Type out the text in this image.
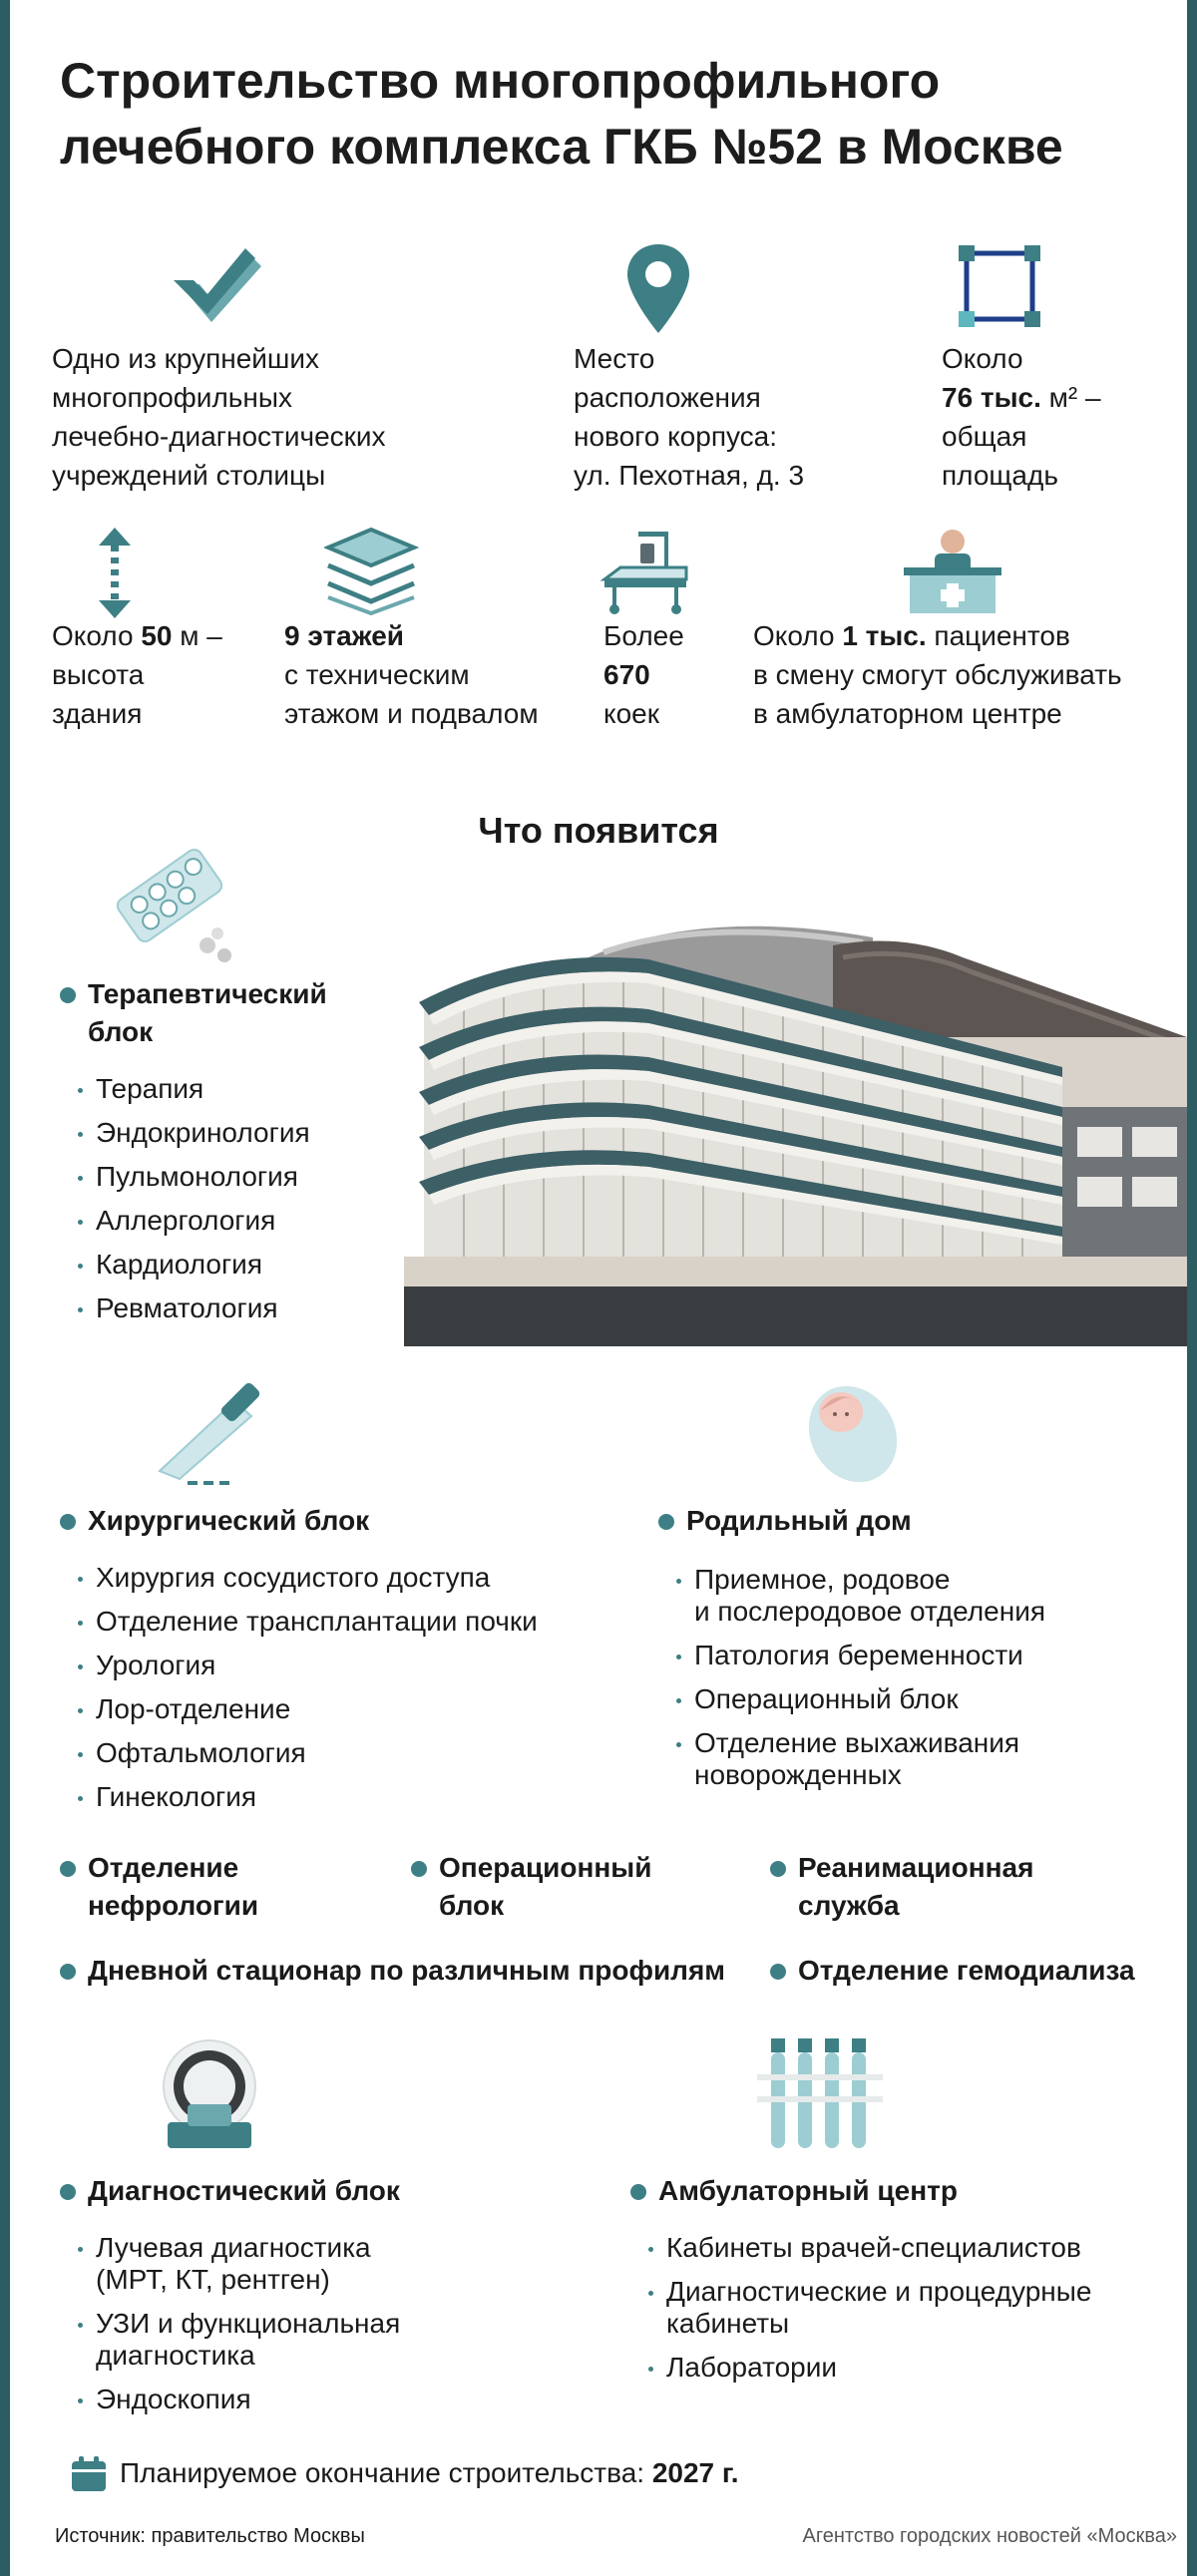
Строительство многопрофильного
лечебного комплекса ГКБ №52 в Москве
Одно из крупнейших
многопрофильных
лечебно-диагностических
учреждений столицы
Место
расположения
нового корпуса:
ул. Пехотная, д. 3
Около
76 тыс. м² –
общая
площадь
Около 50 м –
высота
здания
9 этажей
с техническим
этажом и подвалом
Более
670
коек
Около 1 тыс. пациентов
в смену смогут обслуживать
в амбулаторном центре
Что появится
Терапевтический
блок
Терапия
Эндокринология
Пульмонология
Аллергология
Кардиология
Ревматология
Хирургический блок
Хирургия сосудистого доступа
Отделение трансплантации почки
Урология
Лор-отделение
Офтальмология
Гинекология
Родильный дом
Приемное, родовое
и послеродовое отделения
Патология беременности
Операционный блок
Отделение выхаживания
новорожденных
Отделение
нефрологии
Операционный
блок
Реанимационная
служба
Дневной стационар по различным профилям	Отделение гемодиализа
Диагностический блок
Лучевая диагностика
(МРТ, КТ, рентген)
УЗИ и функциональная
диагностика
Эндоскопия
Амбулаторный центр
Кабинеты врачей-специалистов
Диагностические и процедурные
кабинеты
Лаборатории
Планируемое окончание строительства: 2027 г.
Источник: правительство Москвы	Агентство городских новостей «Москва»
